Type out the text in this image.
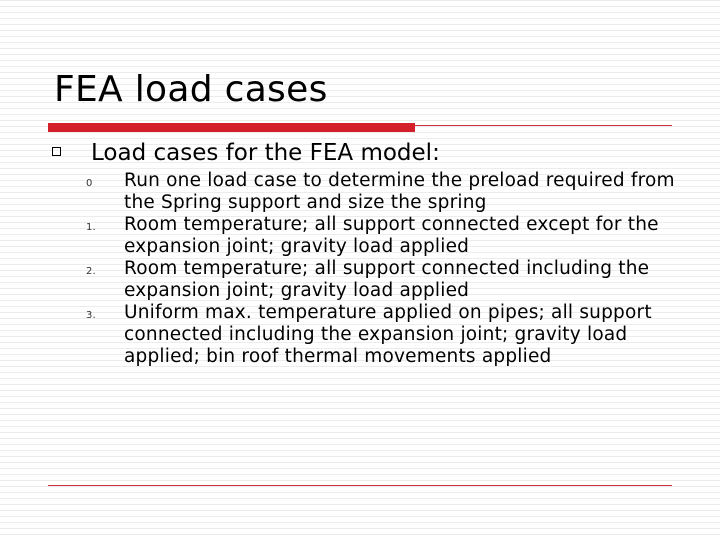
FEA load cases

Load cases for the FEA model:

0 Run one load case to determine the preload required from the Spring support and size the spring
1. Room temperature; all support connected except for the expansion joint; gravity load applied
2. Room temperature; all support connected including the expansion joint; gravity load applied
3. Uniform max. temperature applied on pipes; all support connected including the expansion joint; gravity load applied; bin roof thermal movements applied
